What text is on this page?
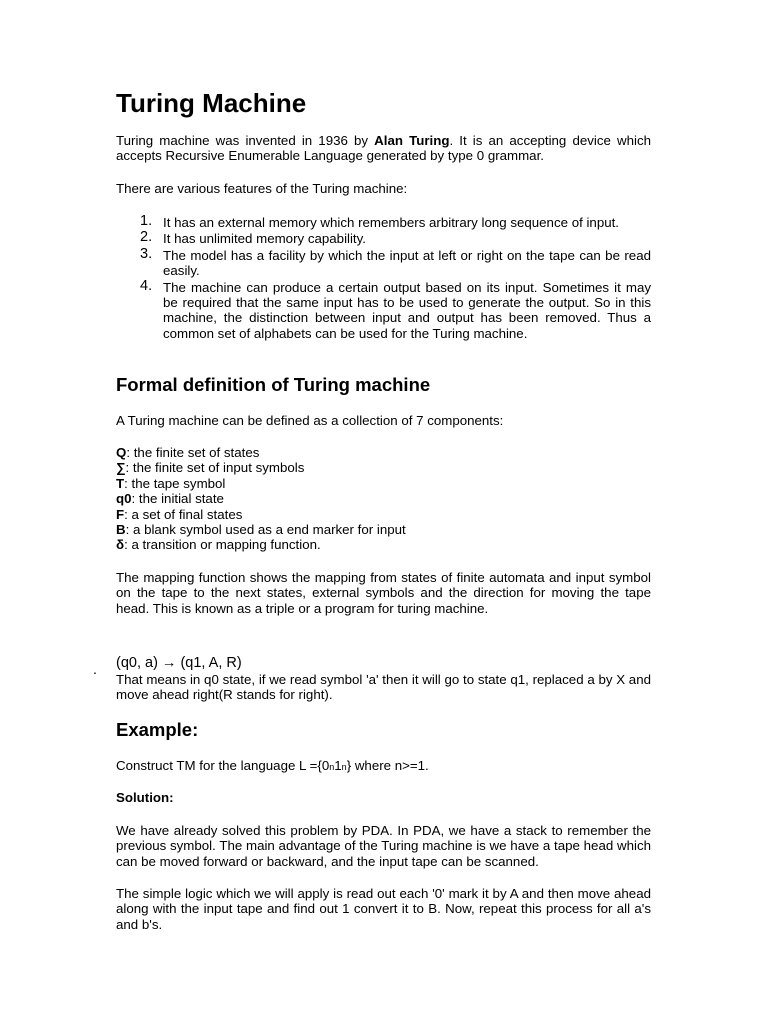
Turing Machine
Turing machine was invented in 1936 by Alan Turing. It is an accepting device which accepts Recursive Enumerable Language generated by type 0 grammar.

There are various features of the Turing machine:

1. It has an external memory which remembers arbitrary long sequence of input.
2. It has unlimited memory capability.
3. The model has a facility by which the input at left or right on the tape can be read easily.
4. The machine can produce a certain output based on its input. Sometimes it may be required that the same input has to be used to generate the output. So in this machine, the distinction between input and output has been removed. Thus a common set of alphabets can be used for the Turing machine.
Formal definition of Turing machine

A Turing machine can be defined as a collection of 7 components:

Q: the finite set of states
∑: the finite set of input symbols
T: the tape symbol
q0: the initial state
F: a set of final states
B: a blank symbol used as a end marker for input
δ: a transition or mapping function.

The mapping function shows the mapping from states of finite automata and input symbol on the tape to the next states, external symbols and the direction for moving the tape head. This is known as a triple or a program for turing machine.

. (q0, a) → (q1, A, R)

That means in q0 state, if we read symbol 'a' then it will go to state q1, replaced a by X and move ahead right(R stands for right).

Example:
Construct TM for the language L ={0n1n} where n>=1.
Solution:

We have already solved this problem by PDA. In PDA, we have a stack to remember the previous symbol. The main advantage of the Turing machine is we have a tape head which can be moved forward or backward, and the input tape can be scanned.

The simple logic which we will apply is read out each '0' mark it by A and then move ahead along with the input tape and find out 1 convert it to B. Now, repeat this process for all a's and b's.
